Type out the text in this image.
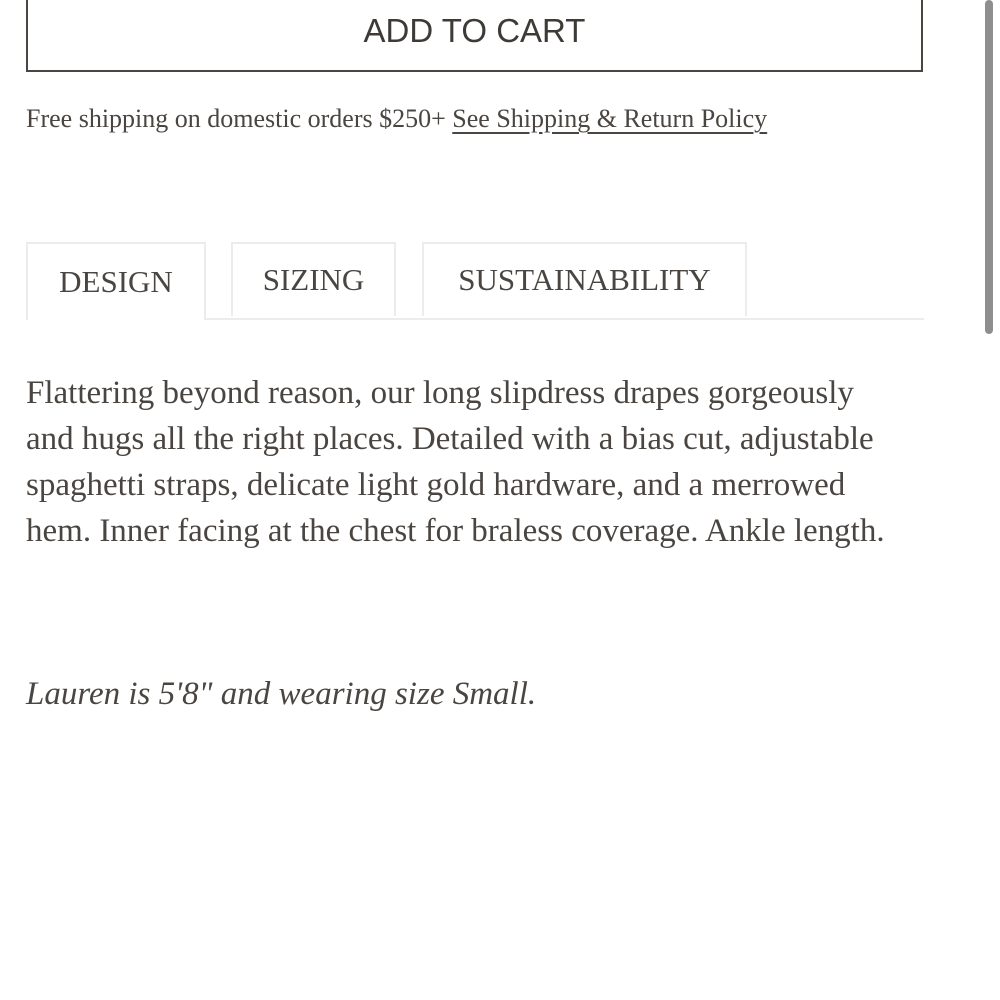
ADD TO CART
Free shipping on domestic orders $250+ See Shipping & Return Policy
DESIGN	SIZING	SUSTAINABILITY

Flattering beyond reason, our long slipdress drapes gorgeously and hugs all the right places. Detailed with a bias cut, adjustable spaghetti straps, delicate light gold hardware, and a merrowed hem. Inner facing at the chest for braless coverage. Ankle length.

Lauren is 5'8" and wearing size Small.
